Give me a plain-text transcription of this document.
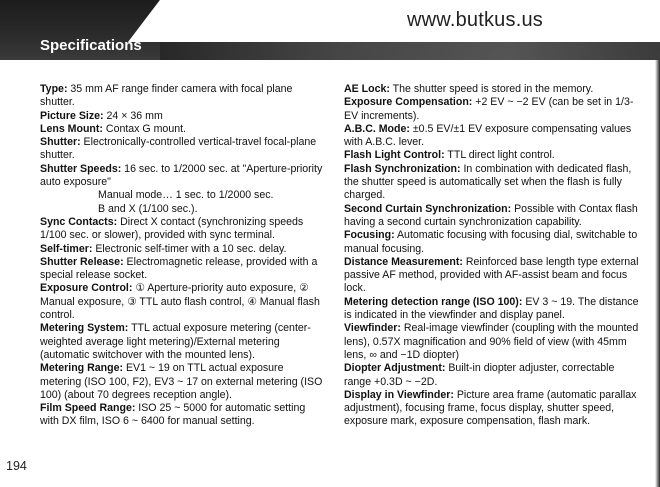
www.butkus.us
Specifications

Type: 35 mm AF range finder camera with focal plane shutter.

Picture Size: 24 × 36 mm

Lens Mount: Contax G mount.

Shutter: Electronically-controlled vertical-travel focal-plane shutter.

Shutter Speeds: 16 sec. to 1/2000 sec. at "Aperture-priority auto exposure"

Manual mode… 1 sec. to 1/2000 sec.

B and X (1/100 sec.).

Sync Contacts: Direct X contact (synchronizing speeds 1/100 sec. or slower), provided with sync terminal.

Self-timer: Electronic self-timer with a 10 sec. delay.

Shutter Release: Electromagnetic release, provided with a special release socket.

Exposure Control: ① Aperture-priority auto exposure, ② Manual exposure, ③ TTL auto flash control, ④ Manual flash control.

Metering System: TTL actual exposure metering (center-weighted average light metering)/External metering (automatic switchover with the mounted lens).

Metering Range: EV1 ~ 19 on TTL actual exposure metering (ISO 100, F2), EV3 ~ 17 on external metering (ISO 100) (about 70 degrees reception angle).

Film Speed Range: ISO 25 ~ 5000 for automatic setting with DX film, ISO 6 ~ 6400 for manual setting.

AE Lock: The shutter speed is stored in the memory.

Exposure Compensation: +2 EV ~ −2 EV (can be set in 1/3-EV increments).

A.B.C. Mode: ±0.5 EV/±1 EV exposure compensating values with A.B.C. lever.

Flash Light Control: TTL direct light control.

Flash Synchronization: In combination with dedicated flash, the shutter speed is automatically set when the flash is fully charged.

Second Curtain Synchronization: Possible with Contax flash having a second curtain synchronization capability.

Focusing: Automatic focusing with focusing dial, switchable to manual focusing.

Distance Measurement: Reinforced base length type external passive AF method, provided with AF-assist beam and focus lock.

Metering detection range (ISO 100): EV 3 ~ 19. The distance is indicated in the viewfinder and display panel.

Viewfinder: Real-image viewfinder (coupling with the mounted lens), 0.57X magnification and 90% field of view (with 45mm lens, ∞ and −1D diopter)

Diopter Adjustment: Built-in diopter adjuster, correctable range +0.3D ~ −2D.

Display in Viewfinder: Picture area frame (automatic parallax adjustment), focusing frame, focus display, shutter speed, exposure mark, exposure compensation, flash mark.

194
